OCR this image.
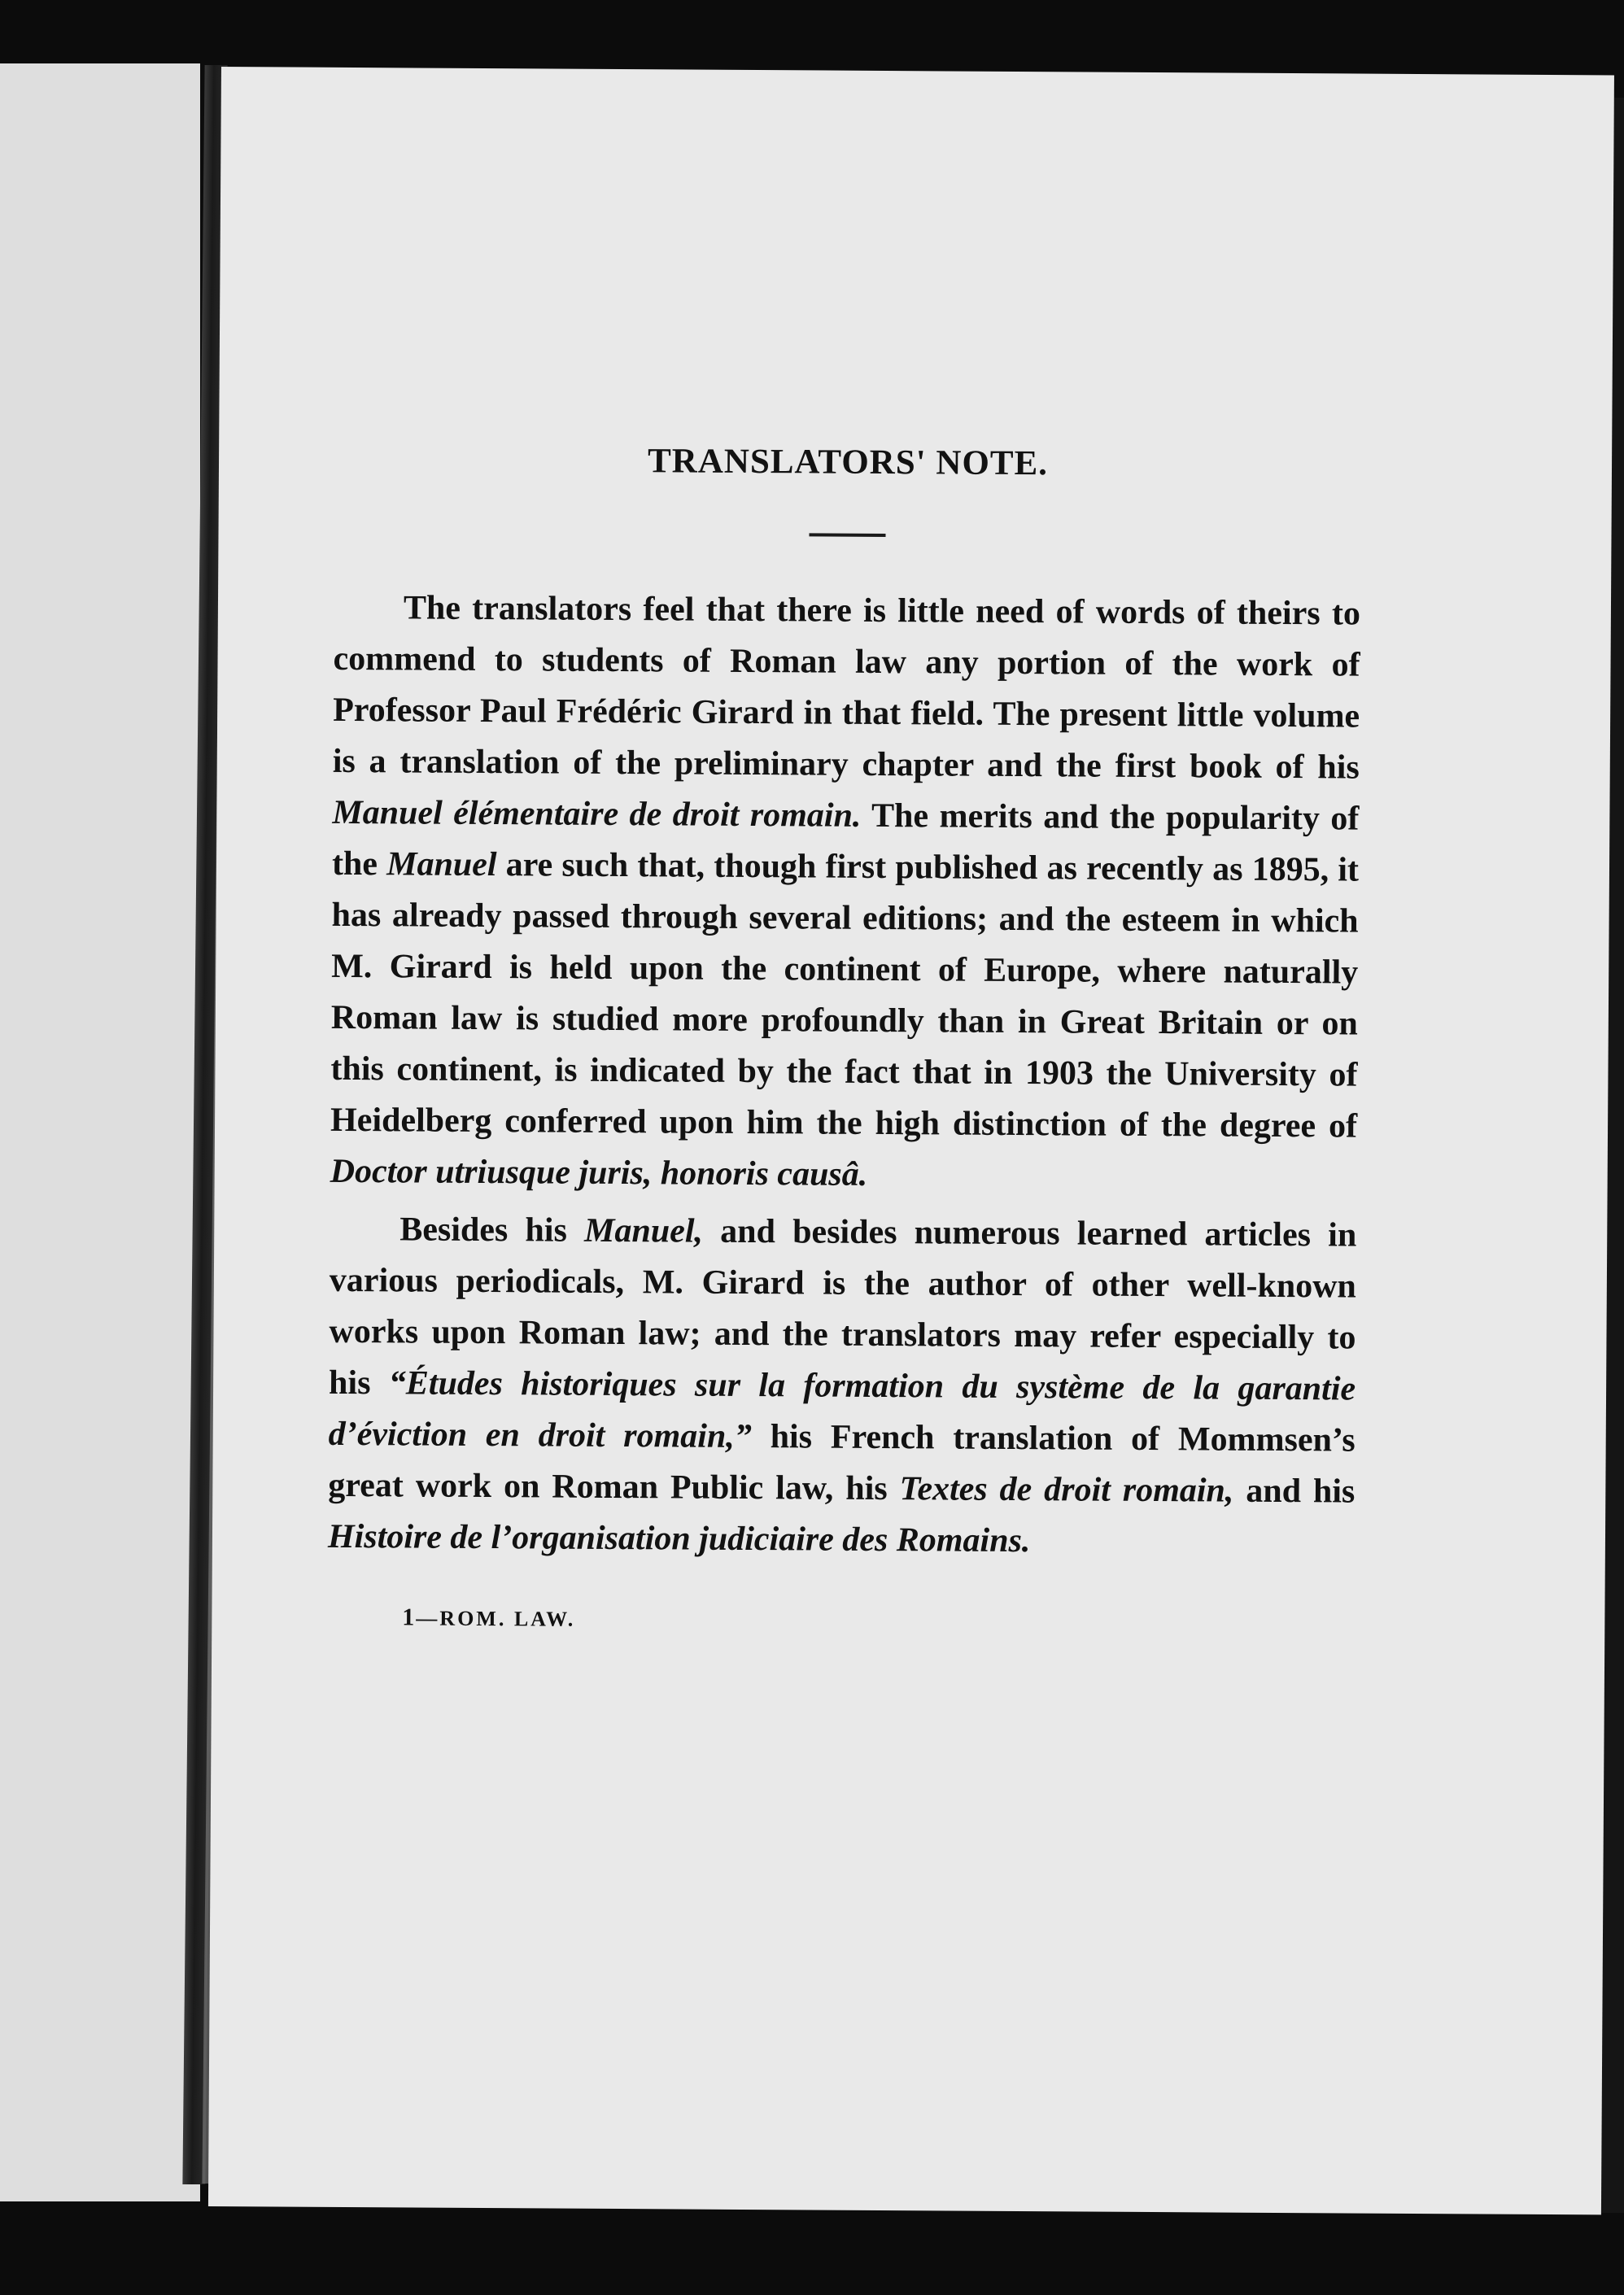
TRANSLATORS' NOTE.

The translators feel that there is little need of words of theirs to commend to students of Roman law any portion of the work of Professor Paul Frédéric Girard in that field. The present little volume is a translation of the preliminary chapter and the first book of his Manuel élémentaire de droit romain. The merits and the popularity of the Manuel are such that, though first published as recently as 1895, it has already passed through several editions; and the esteem in which M. Girard is held upon the continent of Europe, where naturally Roman law is studied more profoundly than in Great Britain or on this continent, is indicated by the fact that in 1903 the University of Heidelberg conferred upon him the high distinction of the degree of Doctor utriusque juris, honoris causâ.

Besides his Manuel, and besides numerous learned articles in various periodicals, M. Girard is the author of other well-known works upon Roman law; and the translators may refer especially to his “Études historiques sur la formation du système de la garantie d’éviction en droit romain,” his French translation of Mommsen’s great work on Roman Public law, his Textes de droit romain, and his Histoire de l’organisation judiciaire des Romains.

1—ROM. LAW.
